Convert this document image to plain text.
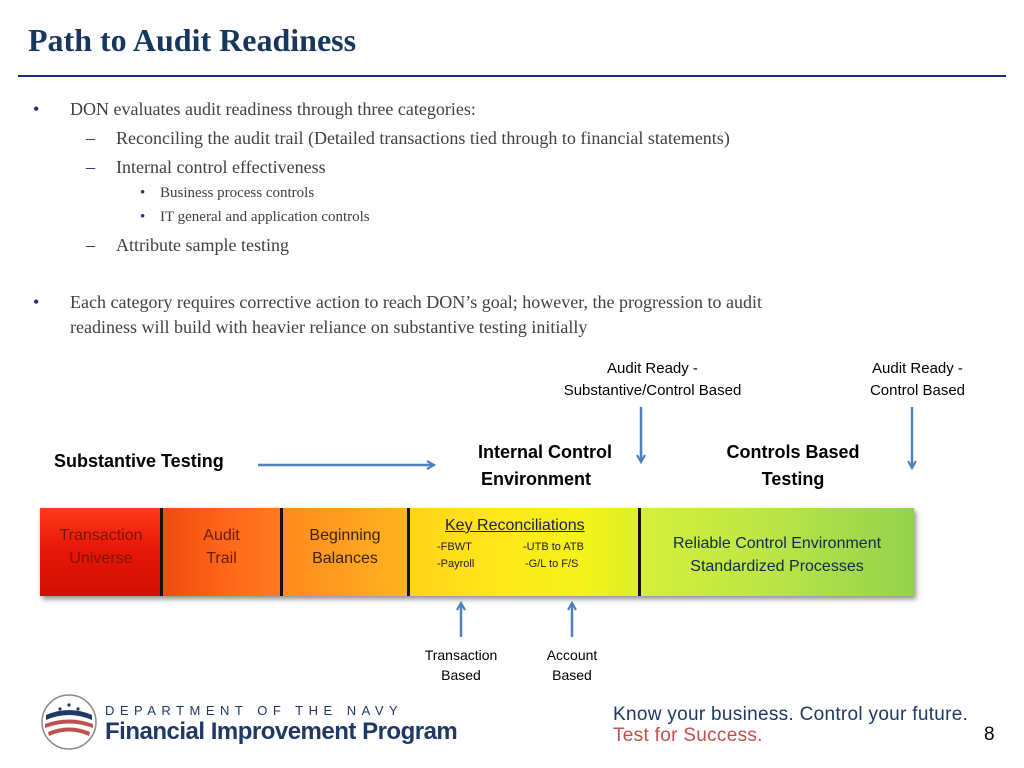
Path to Audit Readiness
• DON evaluates audit readiness through three categories:
– Reconciling the audit trail (Detailed transactions tied through to financial statements)
– Internal control effectiveness
• Business process controls
• IT general and application controls
– Attribute sample testing
• Each category requires corrective action to reach DON’s goal; however, the progression to audit
readiness will build with heavier reliance on substantive testing initially
Audit Ready -
Substantive/Control Based
Audit Ready -
Control Based
Substantive Testing	Internal Control
Environment
Controls Based
Testing
Transaction
Universe
Audit
Trail
Beginning
Balances
Key Reconciliations
-FBWT	-UTB to ATB
-Payroll	-G/L to F/S
Reliable Control Environment
Standardized Processes
Transaction
Based
Account
Based
DEPARTMENT OF THE NAVY
Financial Improvement Program
Know your business. Control your future.
Test for Success.	8
